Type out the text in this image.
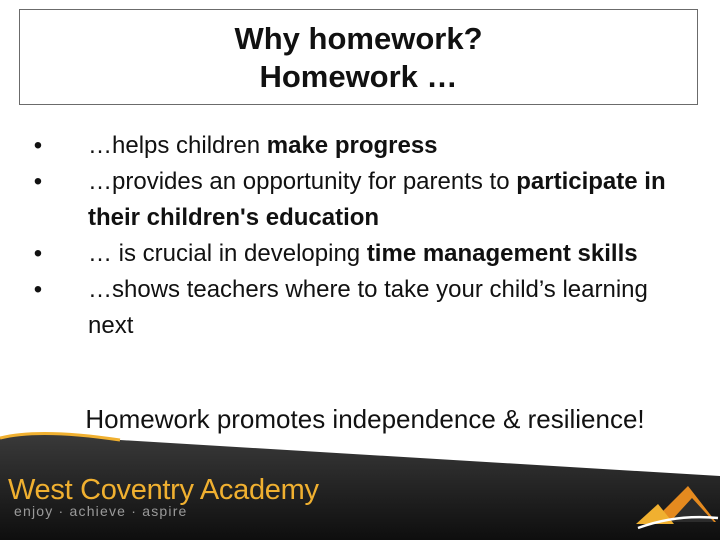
Why homework?
Homework …
• …helps children make progress
• …provides an opportunity for parents to participate in their children's education
• … is crucial in developing time management skills
• …shows teachers where to take your child’s learning next
West Coventry Academy
enjoy · achieve · aspire
Homework promotes independence & resilience!
